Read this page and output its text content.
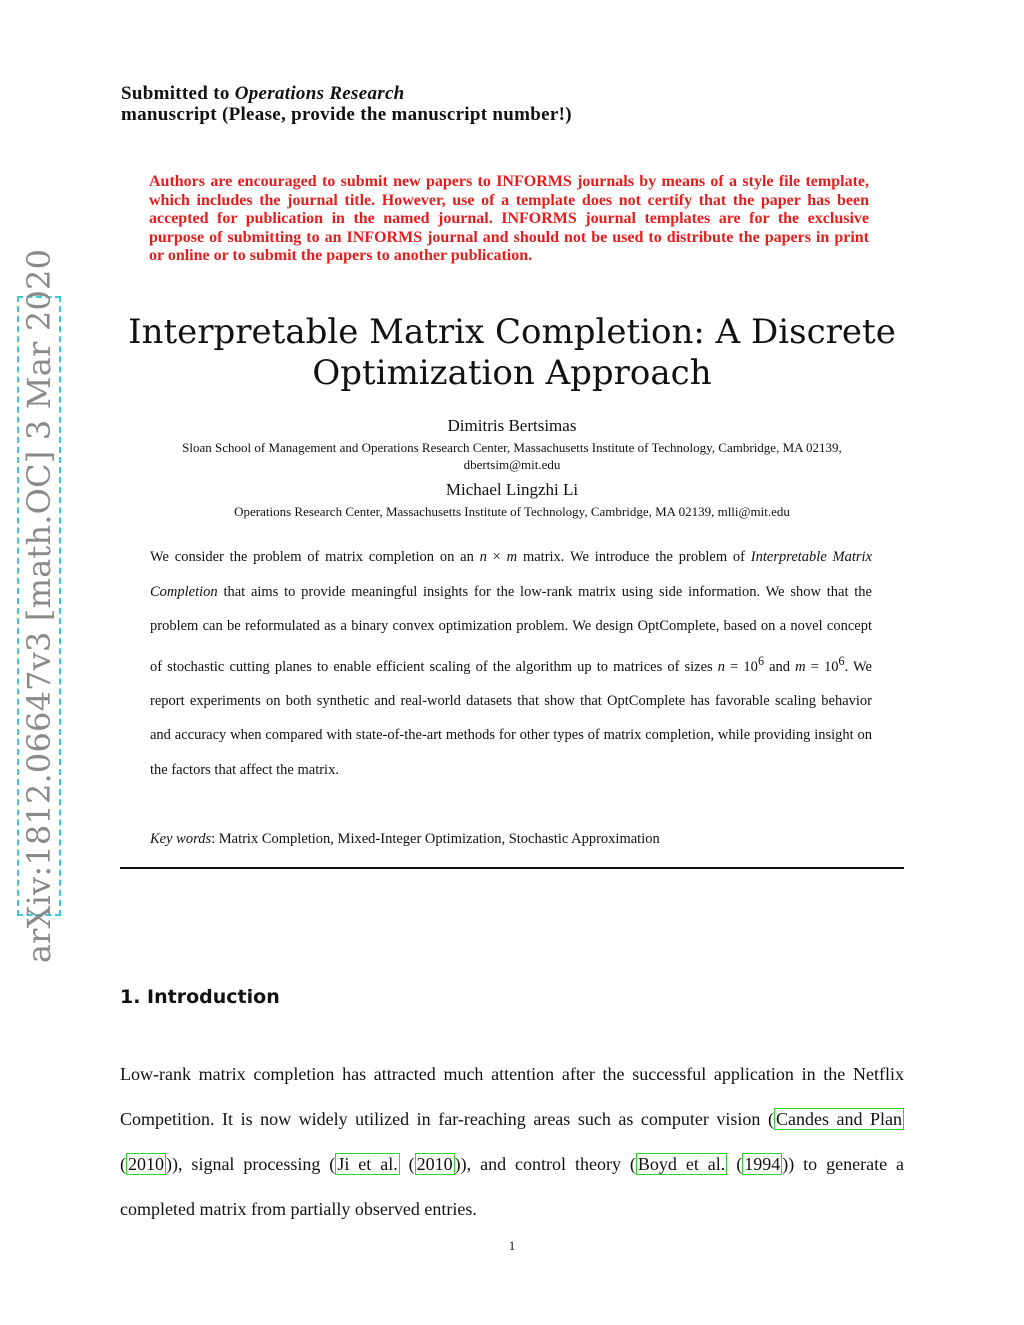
arXiv:1812.06647v3 [math.OC] 3 Mar 2020
Submitted to Operations Research
manuscript (Please, provide the manuscript number!)
Authors are encouraged to submit new papers to INFORMS journals by means of a style file template, which includes the journal title. However, use of a template does not certify that the paper has been accepted for publication in the named journal. INFORMS journal templates are for the exclusive purpose of submitting to an INFORMS journal and should not be used to distribute the papers in print or online or to submit the papers to another publication.
Interpretable Matrix Completion: A Discrete
Optimization Approach
Dimitris Bertsimas
Sloan School of Management and Operations Research Center, Massachusetts Institute of Technology, Cambridge, MA 02139,
dbertsim@mit.edu
Michael Lingzhi Li
Operations Research Center, Massachusetts Institute of Technology, Cambridge, MA 02139, mlli@mit.edu
We consider the problem of matrix completion on an n × m matrix. We introduce the problem of Interpretable Matrix Completion that aims to provide meaningful insights for the low-rank matrix using side information. We show that the problem can be reformulated as a binary convex optimization problem. We design OptComplete, based on a novel concept of stochastic cutting planes to enable efficient scaling of the algorithm up to matrices of sizes $n = 10^6$ and $m = 10^6$. We report experiments on both synthetic and real-world datasets that show that OptComplete has favorable scaling behavior and accuracy when compared with state-of-the-art methods for other types of matrix completion, while providing insight on the factors that affect the matrix.
Key words: Matrix Completion, Mixed-Integer Optimization, Stochastic Approximation
1. Introduction
Low-rank matrix completion has attracted much attention after the successful application in the Netflix Competition. It is now widely utilized in far-reaching areas such as computer vision ( Candes and Plan ( 2010 )), signal processing ( Ji et al. ( 2010 )), and control theory ( Boyd et al. ( 1994 )) to generate a completed matrix from partially observed entries.
1
